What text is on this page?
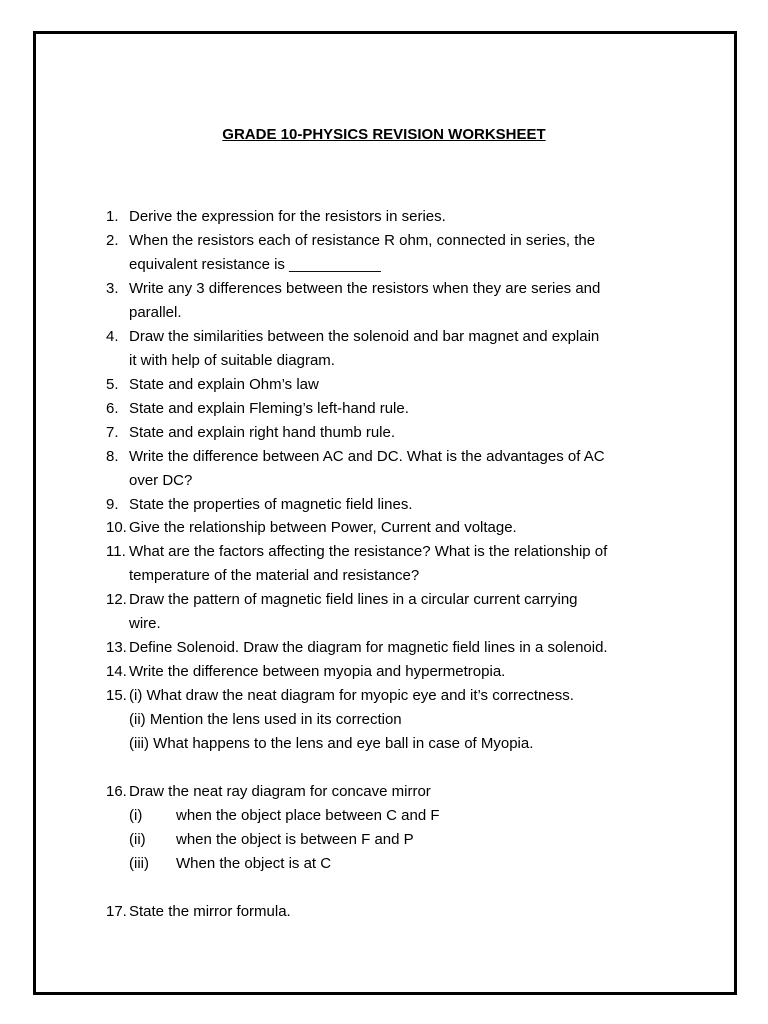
GRADE 10-PHYSICS REVISION WORKSHEET
1. Derive the expression for the resistors in series.
2. When the resistors each of resistance R ohm, connected in series, the
equivalent resistance is ___________
3. Write any 3 differences between the resistors when they are series and
parallel.
4. Draw the similarities between the solenoid and bar magnet and explain
it with help of suitable diagram.
5. State and explain Ohm’s law
6. State and explain Fleming’s left-hand rule.
7. State and explain right hand thumb rule.
8. Write the difference between AC and DC. What is the advantages of AC
over DC?
9. State the properties of magnetic field lines.
10. Give the relationship between Power, Current and voltage.
11. What are the factors affecting the resistance? What is the relationship of
temperature of the material and resistance?
12. Draw the pattern of magnetic field lines in a circular current carrying
wire.
13. Define Solenoid. Draw the diagram for magnetic field lines in a solenoid.
14. Write the difference between myopia and hypermetropia.
15. (i) What draw the neat diagram for myopic eye and it’s correctness.
(ii) Mention the lens used in its correction
(iii) What happens to the lens and eye ball in case of Myopia.
16. Draw the neat ray diagram for concave mirror
(i) when the object place between C and F
(ii) when the object is between F and P
(iii) When the object is at C
17. State the mirror formula.
